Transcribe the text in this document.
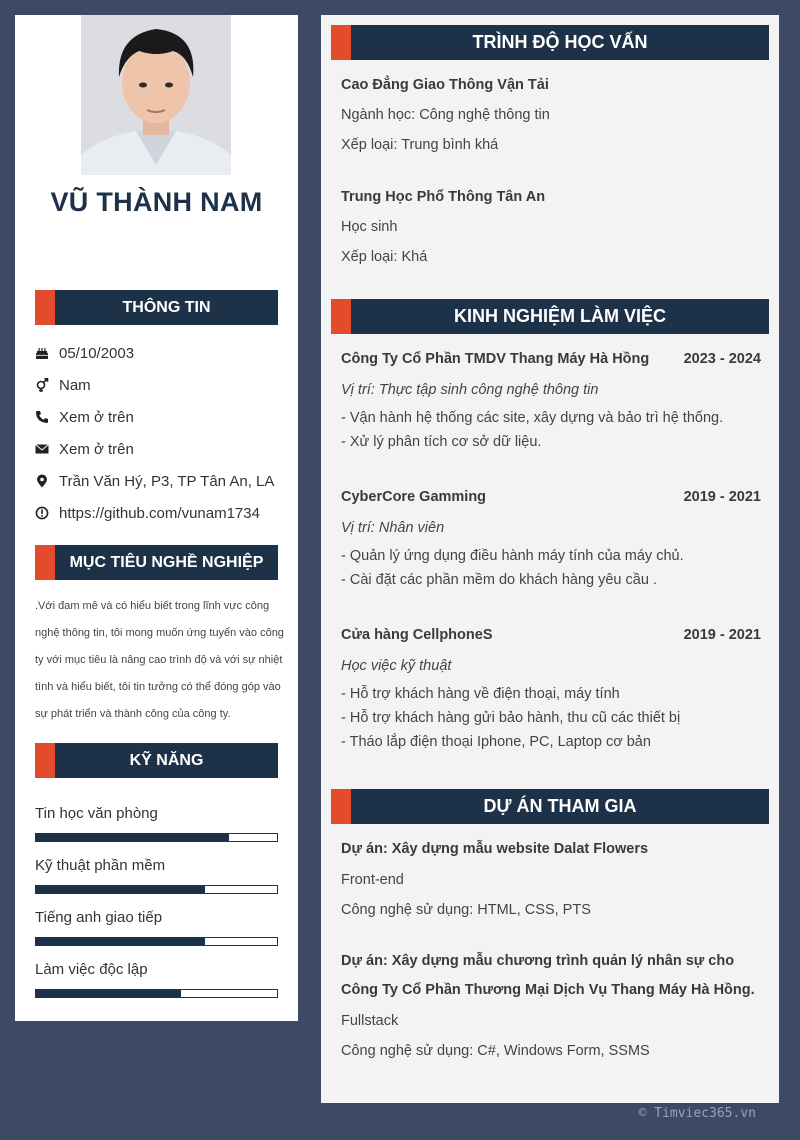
VŨ THÀNH NAM
THÔNG TIN
05/10/2003
Nam
Xem ở trên
Xem ở trên
Trần Văn Hý, P3, TP Tân An, LA
https://github.com/vunam1734
MỤC TIÊU NGHỀ NGHIỆP
.Với đam mê và có hiểu biết trong lĩnh vực công nghệ thông tin, tôi mong muốn ứng tuyển vào công ty với mục tiêu là nâng cao trình độ và với sự nhiệt tình và hiểu biết, tôi tin tưởng có thể đóng góp vào sự phát triển và thành công của công ty.
KỸ NĂNG
Tin học văn phòng
Kỹ thuật phần mềm
Tiếng anh giao tiếp
Làm việc độc lập
TRÌNH ĐỘ HỌC VẤN
Cao Đẳng Giao Thông Vận Tải
Ngành học: Công nghệ thông tin
Xếp loại: Trung bình khá
Trung Học Phổ Thông Tân An
Học sinh
Xếp loại: Khá
KINH NGHIỆM LÀM VIỆC
Công Ty Cổ Phần TMDV Thang Máy Hà Hồng 2023 - 2024
Vị trí: Thực tập sinh công nghệ thông tin
- Vận hành hệ thống các site, xây dựng và bảo trì hệ thống.
- Xử lý phân tích cơ sở dữ liệu.
CyberCore Gamming	2019 - 2021
Vị trí: Nhân viên
- Quản lý ứng dụng điều hành máy tính của máy chủ.
- Cài đặt các phần mềm do khách hàng yêu cầu .
Cửa hàng CellphoneS	2019 - 2021
Học việc kỹ thuật
- Hỗ trợ khách hàng về điện thoại, máy tính
- Hỗ trợ khách hàng gửi bảo hành, thu cũ các thiết bị
- Tháo lắp điện thoại Iphone, PC, Laptop cơ bản
DỰ ÁN THAM GIA
Dự án: Xây dựng mẫu website Dalat Flowers
Front-end
Công nghệ sử dụng: HTML, CSS, PTS
Dự án: Xây dựng mẫu chương trình quản lý nhân sự cho
Công Ty Cổ Phần Thương Mại Dịch Vụ Thang Máy Hà Hồng.
Fullstack
Công nghệ sử dụng: C#, Windows Form, SSMS
© Timviec365.vn
